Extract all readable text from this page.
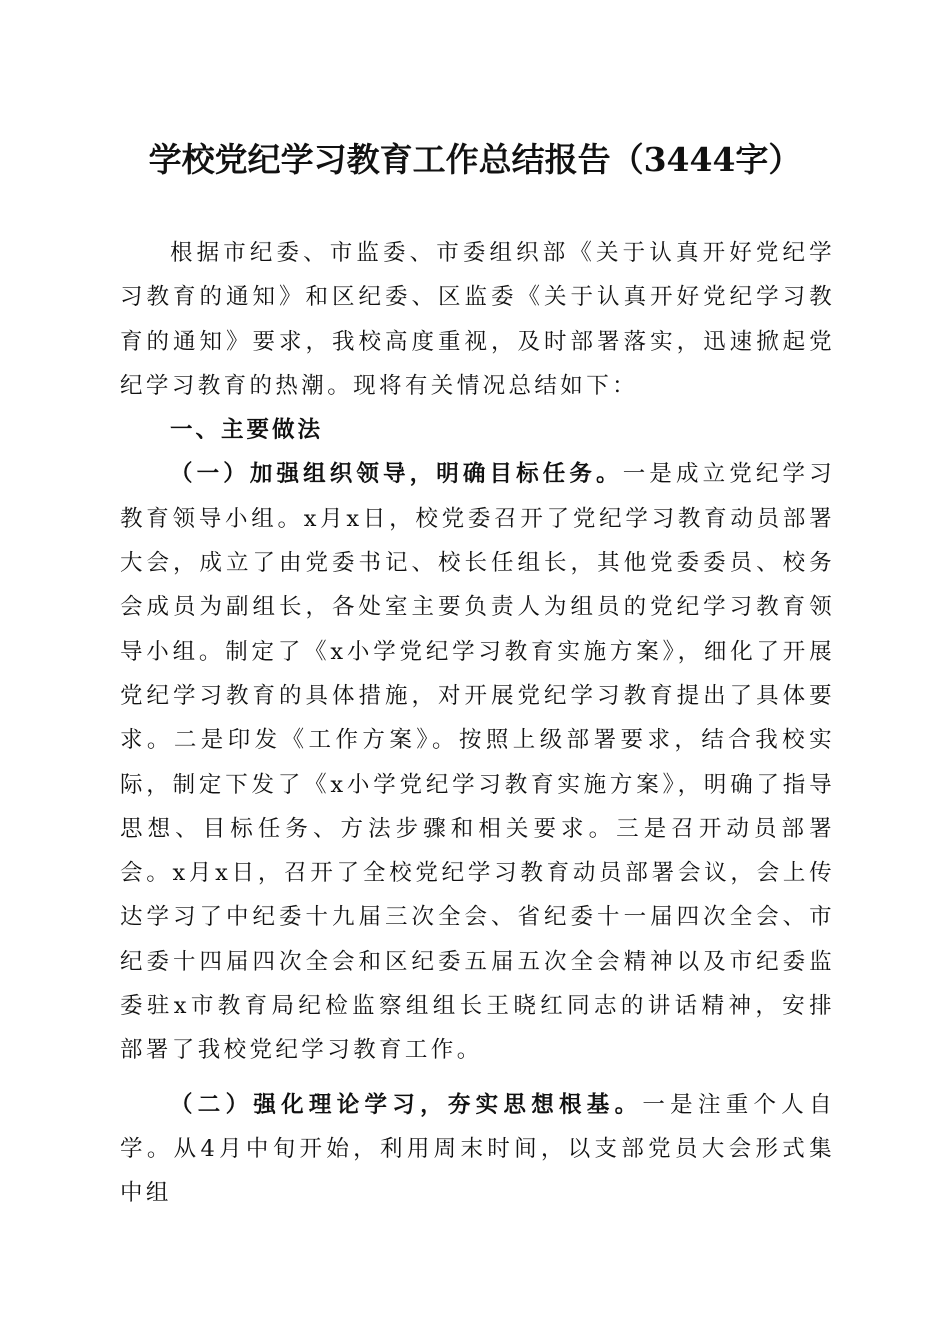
学校党纪学习教育工作总结报告（3444字）

根据市纪委、市监委、市委组织部《关于认真开好党纪学习教育的通知》和区纪委、区监委《关于认真开好党纪学习教育的通知》要求，我校高度重视，及时部署落实，迅速掀起党纪学习教育的热潮。现将有关情况总结如下：

一、主要做法

（一）加强组织领导，明确目标任务。一是成立党纪学习教育领导小组。x月x日，校党委召开了党纪学习教育动员部署大会，成立了由党委书记、校长任组长，其他党委委员、校务会成员为副组长，各处室主要负责人为组员的党纪学习教育领导小组。制定了《x小学党纪学习教育实施方案》，细化了开展党纪学习教育的具体措施，对开展党纪学习教育提出了具体要求。二是印发《工作方案》。按照上级部署要求，结合我校实际，制定下发了《x小学党纪学习教育实施方案》，明确了指导思想、目标任务、方法步骤和相关要求。三是召开动员部署会。x月x日，召开了全校党纪学习教育动员部署会议，会上传达学习了中纪委十九届三次全会、省纪委十一届四次全会、市纪委十四届四次全会和区纪委五届五次全会精神以及市纪委监委驻x市教育局纪检监察组组长王晓红同志的讲话精神，安排部署了我校党纪学习教育工作。

（二）强化理论学习，夯实思想根基。一是注重个人自学。从4月中旬开始，利用周末时间，以支部党员大会形式集中组
